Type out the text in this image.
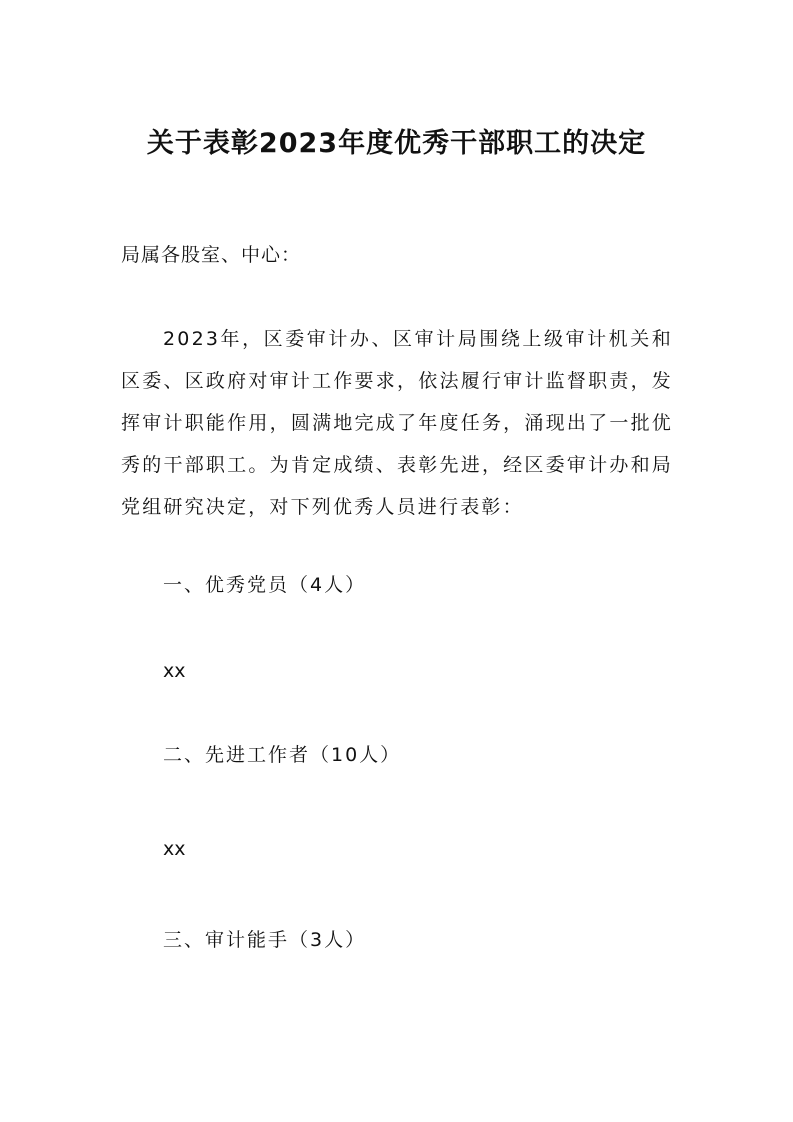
关于表彰2023年度优秀干部职工的决定
局属各股室、中心：
2023年，区委审计办、区审计局围绕上级审计机关和区委、区政府对审计工作要求，依法履行审计监督职责，发挥审计职能作用，圆满地完成了年度任务，涌现出了一批优秀的干部职工。为肯定成绩、表彰先进，经区委审计办和局党组研究决定，对下列优秀人员进行表彰：
一、优秀党员（4人）
xx
二、先进工作者（10人）
xx
三、审计能手（3人）
